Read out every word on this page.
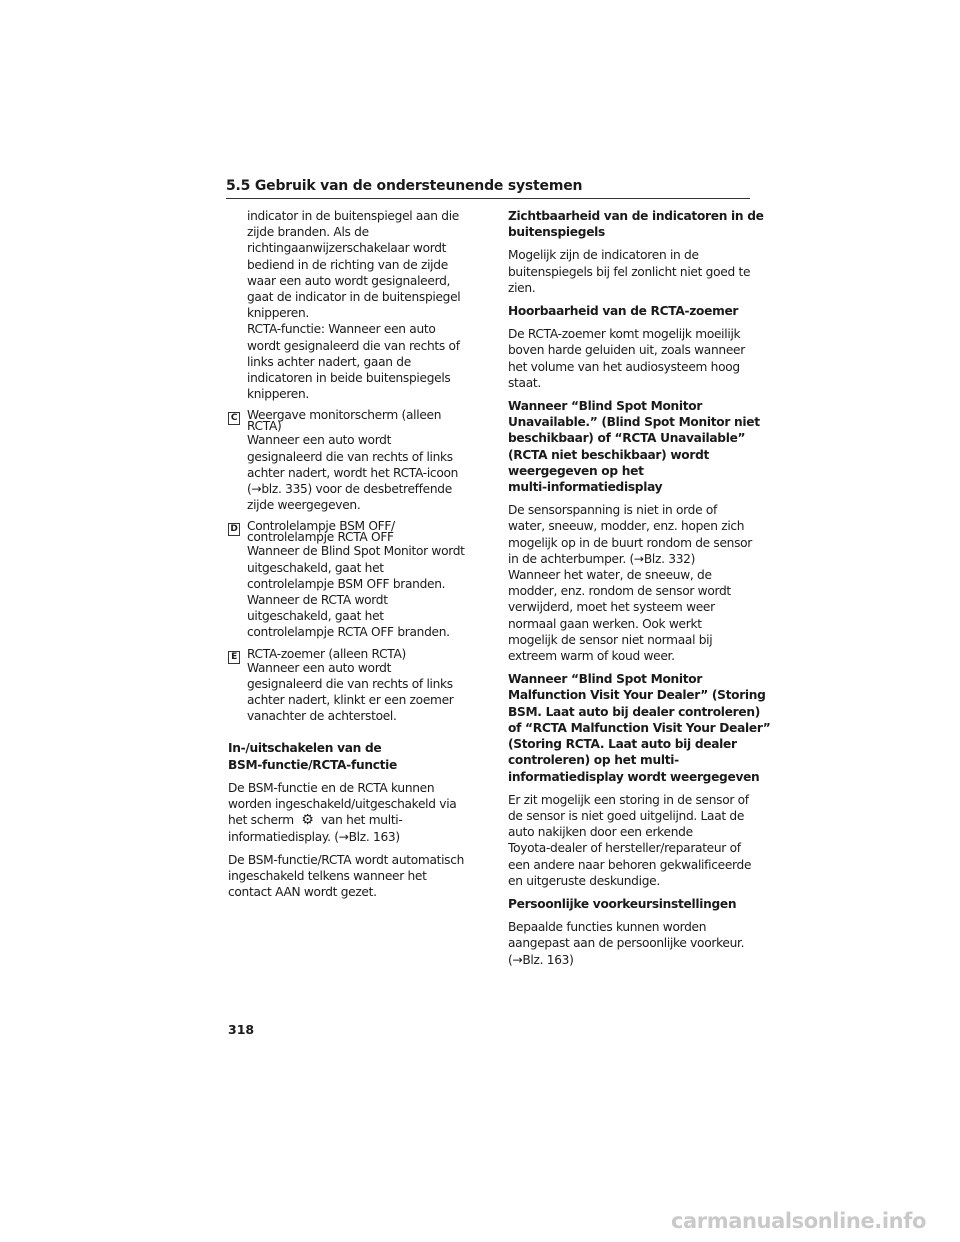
5.5 Gebruik van de ondersteunende systemen
indicator in de buitenspiegel aan die
zijde branden. Als de
richtingaanwijzerschakelaar wordt
bediend in de richting van de zijde
waar een auto wordt gesignaleerd,
gaat de indicator in de buitenspiegel
knipperen.
RCTA-functie: Wanneer een auto
wordt gesignaleerd die van rechts of
links achter nadert, gaan de
indicatoren in beide buitenspiegels
knipperen.
C Weergave monitorscherm (alleen
RCTA)
Wanneer een auto wordt
gesignaleerd die van rechts of links
achter nadert, wordt het RCTA-icoon
(→blz. 335) voor de desbetreffende
zijde weergegeven.
D Controlelampje BSM OFF/
controlelampje RCTA OFF
Wanneer de Blind Spot Monitor wordt
uitgeschakeld, gaat het
controlelampje BSM OFF branden.
Wanneer de RCTA wordt
uitgeschakeld, gaat het
controlelampje RCTA OFF branden.
E RCTA-zoemer (alleen RCTA)
Wanneer een auto wordt
gesignaleerd die van rechts of links
achter nadert, klinkt er een zoemer
vanachter de achterstoel.
In-/uitschakelen van de
BSM-functie/RCTA-functie
De BSM-functie en de RCTA kunnen
worden ingeschakeld/uitgeschakeld via
het scherm ⚙ van het multi-
informatiedisplay. (→Blz. 163)
De BSM-functie/RCTA wordt automatisch
ingeschakeld telkens wanneer het
contact AAN wordt gezet.
Zichtbaarheid van de indicatoren in de
buitenspiegels
Mogelijk zijn de indicatoren in de
buitenspiegels bij fel zonlicht niet goed te
zien.
Hoorbaarheid van de RCTA-zoemer
De RCTA-zoemer komt mogelijk moeilijk
boven harde geluiden uit, zoals wanneer
het volume van het audiosysteem hoog
staat.
Wanneer “Blind Spot Monitor
Unavailable.” (Blind Spot Monitor niet
beschikbaar) of “RCTA Unavailable”
(RCTA niet beschikbaar) wordt
weergegeven op het
multi-informatiedisplay
De sensorspanning is niet in orde of
water, sneeuw, modder, enz. hopen zich
mogelijk op in de buurt rondom de sensor
in de achterbumper. (→Blz. 332)
Wanneer het water, de sneeuw, de
modder, enz. rondom de sensor wordt
verwijderd, moet het systeem weer
normaal gaan werken. Ook werkt
mogelijk de sensor niet normaal bij
extreem warm of koud weer.
Wanneer “Blind Spot Monitor
Malfunction Visit Your Dealer” (Storing
BSM. Laat auto bij dealer controleren)
of “RCTA Malfunction Visit Your Dealer”
(Storing RCTA. Laat auto bij dealer
controleren) op het multi-
informatiedisplay wordt weergegeven
Er zit mogelijk een storing in de sensor of
de sensor is niet goed uitgelijnd. Laat de
auto nakijken door een erkende
Toyota-dealer of hersteller/reparateur of
een andere naar behoren gekwalificeerde
en uitgeruste deskundige.
Persoonlijke voorkeursinstellingen
Bepaalde functies kunnen worden
aangepast aan de persoonlijke voorkeur.
(→Blz. 163)
318
carmanualsonline.info
